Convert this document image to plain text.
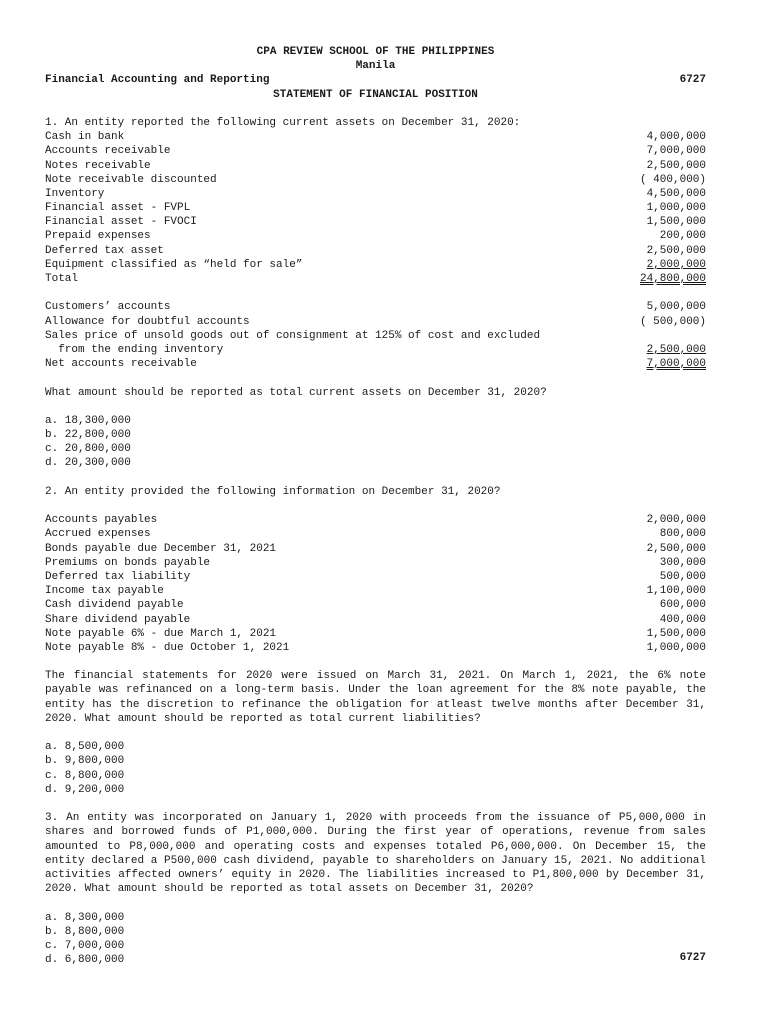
CPA REVIEW SCHOOL OF THE PHILIPPINES
Manila
Financial Accounting and Reporting	6727
STATEMENT OF FINANCIAL POSITION
1. An entity reported the following current assets on December 31, 2020:
Cash in bank	4,000,000
Accounts receivable	7,000,000
Notes receivable	2,500,000
Note receivable discounted	( 400,000)
Inventory	4,500,000
Financial asset - FVPL	1,000,000
Financial asset - FVOCI	1,500,000
Prepaid expenses	200,000
Deferred tax asset	2,500,000
Equipment classified as “held for sale”	2,000,000
Total	24,800,000
Customers’ accounts	5,000,000
Allowance for doubtful accounts	( 500,000)
Sales price of unsold goods out of consignment at 125% of cost and excluded
from the ending inventory	2,500,000
Net accounts receivable	7,000,000
What amount should be reported as total current assets on December 31, 2020?
a. 18,300,000
b. 22,800,000
c. 20,800,000
d. 20,300,000
2. An entity provided the following information on December 31, 2020?
Accounts payables	2,000,000
Accrued expenses	800,000
Bonds payable due December 31, 2021	2,500,000
Premiums on bonds payable	300,000
Deferred tax liability	500,000
Income tax payable	1,100,000
Cash dividend payable	600,000
Share dividend payable	400,000
Note payable 6% - due March 1, 2021	1,500,000
Note payable 8% - due October 1, 2021	1,000,000
The financial statements for 2020 were issued on March 31, 2021. On March 1, 2021, the 6% note payable was refinanced on a long-term basis. Under the loan agreement for the 8% note payable, the entity has the discretion to refinance the obligation for atleast twelve months after December 31, 2020. What amount should be reported as total current liabilities?
a. 8,500,000
b. 9,800,000
c. 8,800,000
d. 9,200,000
3. An entity was incorporated on January 1, 2020 with proceeds from the issuance of P5,000,000 in shares and borrowed funds of P1,000,000. During the first year of operations, revenue from sales amounted to P8,000,000 and operating costs and expenses totaled P6,000,000. On December 15, the entity declared a P500,000 cash dividend, payable to shareholders on January 15, 2021. No additional activities affected owners’ equity in 2020. The liabilities increased to P1,800,000 by December 31, 2020. What amount should be reported as total assets on December 31, 2020?
a. 8,300,000
b. 8,800,000
c. 7,000,000
d. 6,800,000	6727
